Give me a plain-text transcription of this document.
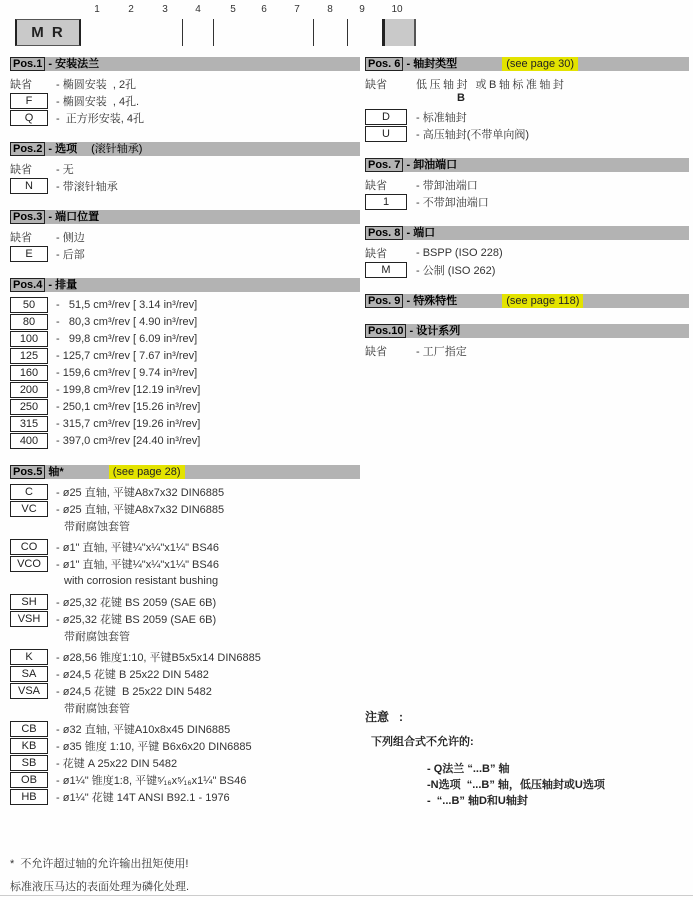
M R
1	2	3	4	5	6	7	8	9	10
Pos.1 - 安装法兰
缺省	- 椭圆安装  , 2孔
F	- 椭圆安装  , 4孔.
Q	-  正方形安装, 4孔
Pos.2 - 选项 (滚针轴承)
缺省	- 无
N	- 带滚针轴承
Pos.3 - 端口位置
缺省	- 侧边
E	- 后部
Pos.4 - 排量
50	-   51,5 cm³/rev [ 3.14 in³/rev]
80	-   80,3 cm³/rev [ 4.90 in³/rev]
100	-   99,8 cm³/rev [ 6.09 in³/rev]
125	- 125,7 cm³/rev [ 7.67 in³/rev]
160	- 159,6 cm³/rev [ 9.74 in³/rev]
200	- 199,8 cm³/rev [12.19 in³/rev]
250	- 250,1 cm³/rev [15.26 in³/rev]
315	- 315,7 cm³/rev [19.26 in³/rev]
400	- 397,0 cm³/rev [24.40 in³/rev]
Pos.5
轴*	(see page 28)
C	- ø25 直轴, 平键A8x7x32 DIN6885
VC	- ø25 直轴, 平键A8x7x32 DIN6885
带耐腐蚀套管
CO	- ø1" 直轴, 平键¼"x¼"x1¼" BS46
VCO	- ø1" 直轴, 平键¼"x¼"x1¼" BS46
with corrosion resistant bushing
SH	- ø25,32 花键 BS 2059 (SAE 6B)
VSH	- ø25,32 花键 BS 2059 (SAE 6B)
带耐腐蚀套管
K	- ø28,56 锥度1:10, 平键B5x5x14 DIN6885
SA	- ø24,5 花键 B 25x22 DIN 5482
VSA	- ø24,5 花键  B 25x22 DIN 5482
带耐腐蚀套管
CB	- ø32 直轴, 平键A10x8x45 DIN6885
KB	- ø35 锥度 1:10, 平键 B6x6x20 DIN6885
SB	- 花键 A 25x22 DIN 5482
OB	- ø1¼" 锥度1:8, 平键⁵⁄₁₆x⁵⁄₁₆x1¼" BS46
HB	- ø1¼" 花键 14T ANSI B92.1 - 1976
Pos. 6 - 轴封类型	(see page 30)
缺省	低压轴封 或B轴标准轴封
B
D	- 标准轴封
U	- 高压轴封(不带单向阀)
Pos. 7 - 卸油端口
缺省	- 带卸油端口
1	- 不带卸油端口
Pos. 8 - 端口
缺省	- BSPP (ISO 228)
M	- 公制 (ISO 262)
Pos. 9 - 特殊特性	(see page 118)
Pos.10 - 设计系列
缺省	- 工厂指定
注意   :
下列组合式不允许的:
- Q法兰 “...B” 轴
-N选项  “...B” 轴，低压轴封或U选项
-  “...B” 轴D和U轴封
*  不允许超过轴的允许输出扭矩使用!
标准液压马达的表面处理为磷化处理.
